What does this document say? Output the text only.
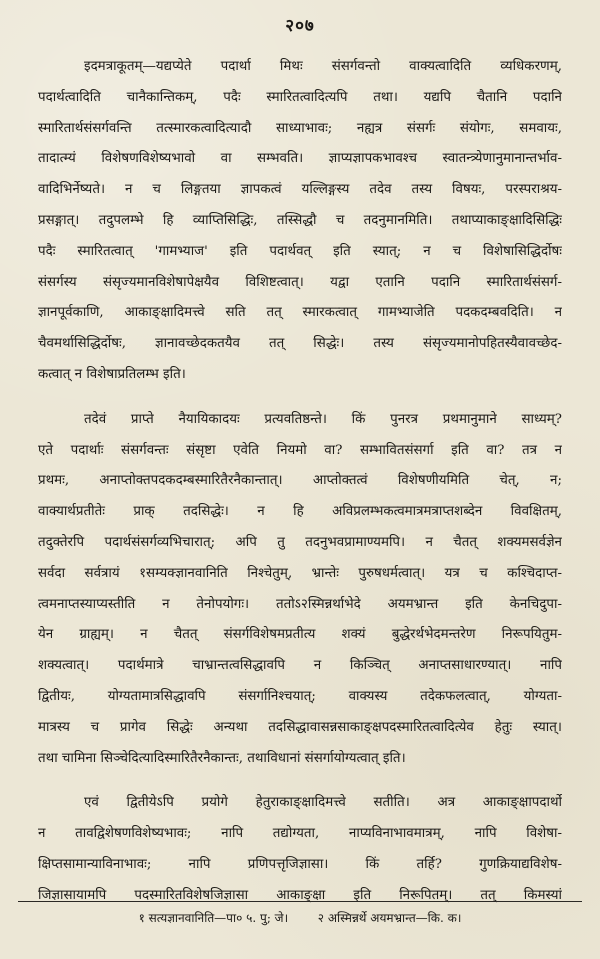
२०७
इदमत्राकूतम्—यद्यप्येते पदार्था मिथः संसर्गवन्तो वाक्यत्वादिति व्यधिकरणम्,
पदार्थत्वादिति चानैकान्तिकम्, पदैः स्मारितत्वादित्यपि तथा। यद्यपि चैतानि पदानि
स्मारितार्थसंसर्गवन्ति तत्स्मारकत्वादित्यादौ साध्याभावः; नह्यत्र संसर्गः संयोगः, समवायः,
तादात्म्यं विशेषणविशेष्यभावो वा सम्भवति। ज्ञाप्यज्ञापकभावश्च स्वातन्त्र्येणानुमानान्तर्भाव-
वादिभिर्नेष्यते। न च लिङ्गतया ज्ञापकत्वं यल्लिङ्गस्य तदेव तस्य विषयः, परस्पराश्रय-
प्रसङ्गात्। तदुपलम्भे हि व्याप्तिसिद्धिः, तस्सिद्धौ च तदनुमानमिति। तथाप्याकाङ्क्षादिसिद्धिः
पदैः स्मारितत्वात् 'गामभ्याज' इति पदार्थवत् इति स्यात्; न च विशेषासिद्धिर्दोषः
संसर्गस्य संसृज्यमानविशेषापेक्षयैव विशिष्टत्वात्। यद्वा एतानि पदानि स्मारितार्थसंसर्ग-
ज्ञानपूर्वकाणि, आकाङ्क्षादिमत्त्वे सति तत् स्मारकत्वात् गामभ्याजेति पदकदम्बवदिति। न
चैवमर्थासिद्धिर्दोषः, ज्ञानावच्छेदकतयैव तत् सिद्धेः। तस्य संसृज्यमानोपहितस्यैवावच्छेद-
कत्वात् न विशेषाप्रतिलम्भ इति।
तदेवं प्राप्ते नैयायिकादयः प्रत्यवतिष्ठन्ते। किं पुनरत्र प्रथमानुमाने साध्यम्?
एते पदार्थाः संसर्गवन्तः संसृष्टा एवेति नियमो वा? सम्भावितसंसर्गा इति वा? तत्र न
प्रथमः, अनाप्तोक्तपदकदम्बस्मारितैरनैकान्तात्। आप्तोक्तत्वं विशेषणीयमिति चेत्, न;
वाक्यार्थप्रतीतेः प्राक् तदसिद्धेः। न हि अविप्रलम्भकत्वमात्रमत्राप्तशब्देन विवक्षितम्,
तदुक्तेरपि पदार्थसंसर्गव्यभिचारात्; अपि तु तदनुभवप्रामाण्यमपि। न चैतत् शक्यमसर्वज्ञेन
सर्वदा सर्वत्रायं १सम्यक्ज्ञानवानिति निश्चेतुम्, भ्रान्तेः पुरुषधर्मत्वात्। यत्र च कश्चिदाप्त-
त्वमनाप्तस्याप्यस्तीति न तेनोपयोगः। ततोऽ२स्मिन्नर्थाभेदे अयमभ्रान्त इति केनचिदुपा-
येन ग्राह्यम्। न चैतत् संसर्गविशेषमप्रतीत्य शक्यं बुद्धेरर्थभेदमन्तरेण निरूपयितुम-
शक्यत्वात्। पदार्थमात्रे चाभ्रान्तत्वसिद्धावपि न किञ्चित् अनाप्तसाधारण्यात्। नापि
द्वितीयः, योग्यतामात्रसिद्धावपि संसर्गानिश्चयात्; वाक्यस्य तदेकफलत्वात्, योग्यता-
मात्रस्य च प्रागेव सिद्धेः अन्यथा तदसिद्धावासन्नसाकाङ्क्षपदस्मारितत्वादित्येव हेतुः स्यात्।
तथा चामिना सिञ्चेदित्यादिस्मारितैरनैकान्तः, तथाविधानां संसर्गायोग्यत्वात् इति।
एवं द्वितीयेऽपि प्रयोगे हेतुराकाङ्क्षादिमत्त्वे सतीति। अत्र आकाङ्क्षापदार्थो
न तावद्विशेषणविशेष्यभावः; नापि तद्योग्यता, नाप्यविनाभावमात्रम्, नापि विशेषा-
क्षिप्तसामान्याविनाभावः; नापि प्रणिपत्तृजिज्ञासा। किं तर्हि? गुणक्रियाद्यविशेष-
जिज्ञासायामपि पदस्मारितविशेषजिज्ञासा आकाङ्क्षा इति निरूपितम्। तत् किमस्यां
१ सत्यज्ञानवानिति—पा० ५. पु; जे। २ अस्मिन्नर्थे अयमभ्रान्त—कि. क।
